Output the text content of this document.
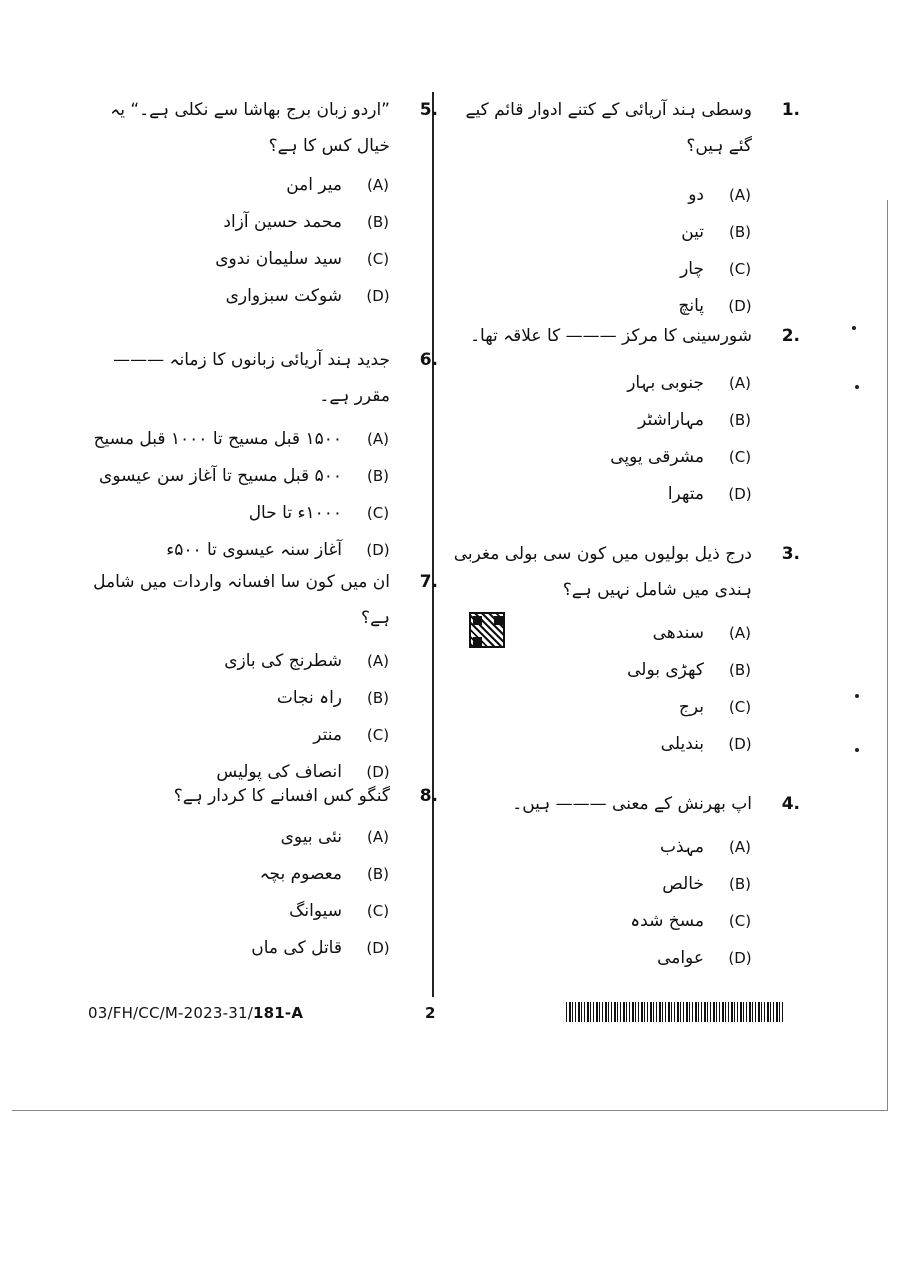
1.
وسطی ہند آریائی کے کتنے ادوار قائم کیے گئے ہیں؟
(A)
دو
(B)
تین
(C)
چار
(D)
پانچ
2.
شورسینی کا مرکز ——— کا علاقہ تھا۔
(A)
جنوبی بہار
(B)
مہاراشٹر
(C)
مشرقی یوپی
(D)
متھرا
3.
درج ذیل بولیوں میں کون سی بولی مغربی ہندی میں شامل نہیں ہے؟
(A)
سندھی
(B)
کھڑی بولی
(C)
برج
(D)
بندیلی
4.
اپ بھرنش کے معنی ——— ہیں۔
(A)
مہذب
(B)
خالص
(C)
مسخ شدہ
(D)
عوامی
5.
”اردو زبان برج بھاشا سے نکلی ہے۔“ یہ خیال کس کا ہے؟
(A)
میر امن
(B)
محمد حسین آزاد
(C)
سید سلیمان ندوی
(D)
شوکت سبزواری
6.
جدید ہند آریائی زبانوں کا زمانہ ——— مقرر ہے۔
(A)
۱۵۰۰ قبل مسیح تا ۱۰۰۰ قبل مسیح
(B)
۵۰۰ قبل مسیح تا آغاز سن عیسوی
(C)
۱۰۰۰ء تا حال
(D)
آغاز سنہ عیسوی تا ۵۰۰ء
7.
ان میں کون سا افسانہ واردات میں شامل ہے؟
(A)
شطرنج کی بازی
(B)
راہ نجات
(C)
منتر
(D)
انصاف کی پولیس
8.
گنگو کس افسانے کا کردار ہے؟
(A)
نئی بیوی
(B)
معصوم بچہ
(C)
سیوانگ
(D)
قاتل کی ماں
03/FH/CC/M-2023-31/181-A	2
